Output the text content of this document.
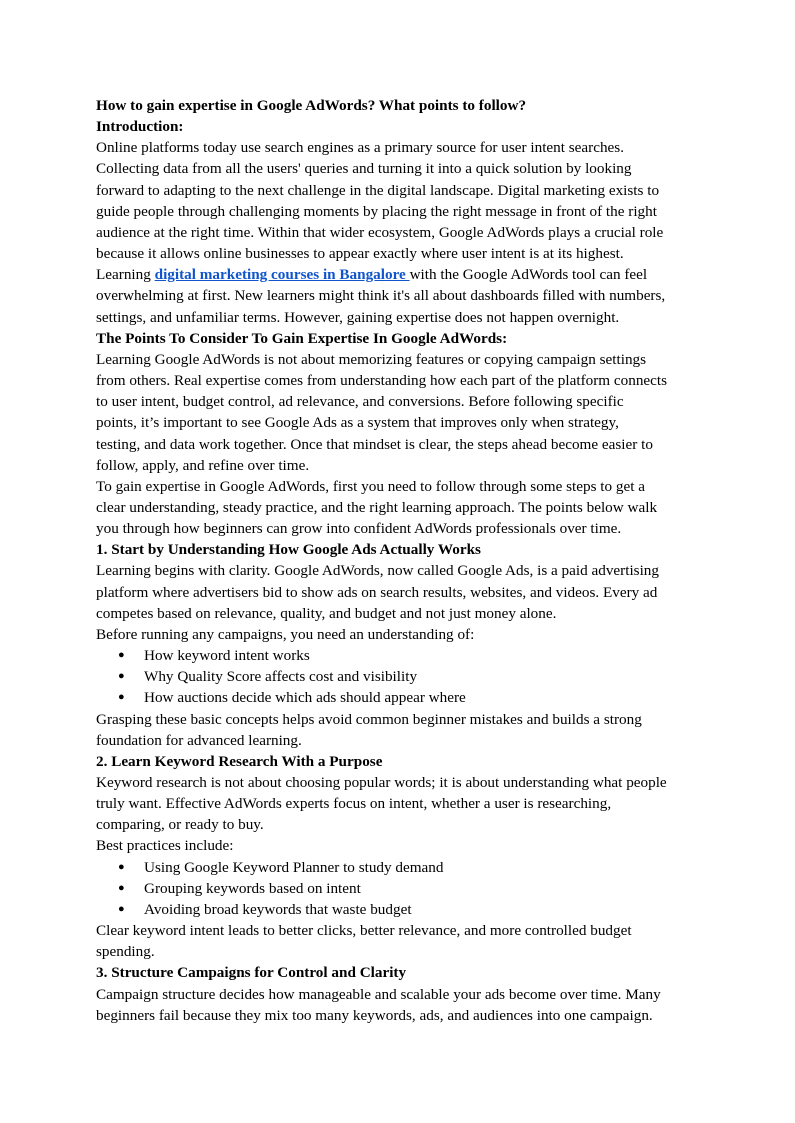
How to gain expertise in Google AdWords? What points to follow?
Introduction:
Online platforms today use search engines as a primary source for user intent searches.
Collecting data from all the users' queries and turning it into a quick solution by looking
forward to adapting to the next challenge in the digital landscape. Digital marketing exists to
guide people through challenging moments by placing the right message in front of the right
audience at the right time. Within that wider ecosystem, Google AdWords plays a crucial role
because it allows online businesses to appear exactly where user intent is at its highest.
Learning digital marketing courses in Bangalore with the Google AdWords tool can feel
overwhelming at first. New learners might think it's all about dashboards filled with numbers,
settings, and unfamiliar terms. However, gaining expertise does not happen overnight.
The Points To Consider To Gain Expertise In Google AdWords:
Learning Google AdWords is not about memorizing features or copying campaign settings
from others. Real expertise comes from understanding how each part of the platform connects
to user intent, budget control, ad relevance, and conversions. Before following specific
points, it’s important to see Google Ads as a system that improves only when strategy,
testing, and data work together. Once that mindset is clear, the steps ahead become easier to
follow, apply, and refine over time.
To gain expertise in Google AdWords, first you need to follow through some steps to get a
clear understanding, steady practice, and the right learning approach. The points below walk
you through how beginners can grow into confident AdWords professionals over time.
1. Start by Understanding How Google Ads Actually Works
Learning begins with clarity. Google AdWords, now called Google Ads, is a paid advertising
platform where advertisers bid to show ads on search results, websites, and videos. Every ad
competes based on relevance, quality, and budget and not just money alone.
Before running any campaigns, you need an understanding of:
● How keyword intent works
● Why Quality Score affects cost and visibility
● How auctions decide which ads should appear where
Grasping these basic concepts helps avoid common beginner mistakes and builds a strong
foundation for advanced learning.
2. Learn Keyword Research With a Purpose
Keyword research is not about choosing popular words; it is about understanding what people
truly want. Effective AdWords experts focus on intent, whether a user is researching,
comparing, or ready to buy.
Best practices include:
● Using Google Keyword Planner to study demand
● Grouping keywords based on intent
● Avoiding broad keywords that waste budget
Clear keyword intent leads to better clicks, better relevance, and more controlled budget
spending.
3. Structure Campaigns for Control and Clarity
Campaign structure decides how manageable and scalable your ads become over time. Many
beginners fail because they mix too many keywords, ads, and audiences into one campaign.
